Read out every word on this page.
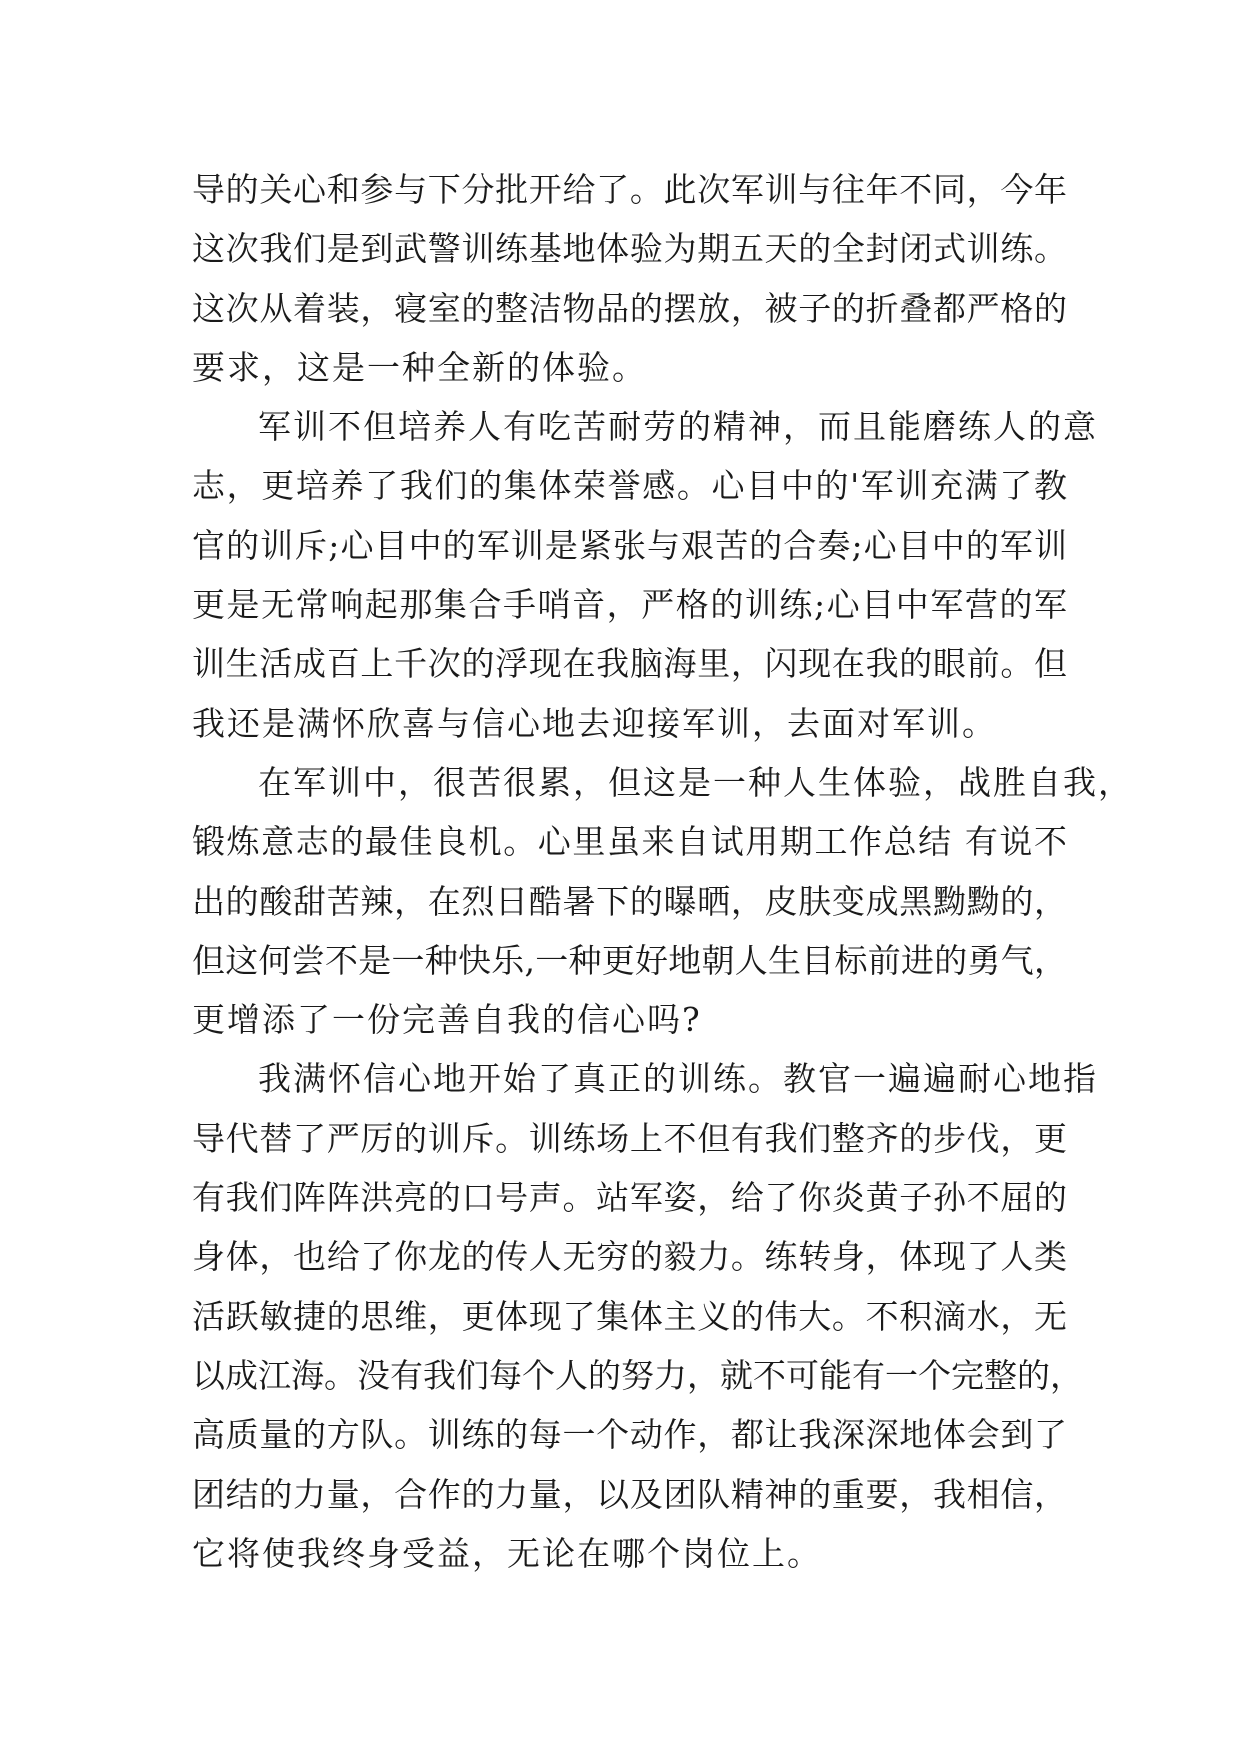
导的关心和参与下分批开给了。此次军训与往年不同，今年
这次我们是到武警训练基地体验为期五天的全封闭式训练。
这次从着装，寝室的整洁物品的摆放，被子的折叠都严格的
要求，这是一种全新的体验。
军训不但培养人有吃苦耐劳的精神，而且能磨练人的意
志，更培养了我们的集体荣誉感。心目中的'军训充满了教
官的训斥;心目中的军训是紧张与艰苦的合奏;心目中的军训
更是无常响起那集合手哨音，严格的训练;心目中军营的军
训生活成百上千次的浮现在我脑海里，闪现在我的眼前。但
我还是满怀欣喜与信心地去迎接军训，去面对军训。
在军训中，很苦很累，但这是一种人生体验，战胜自我，
锻炼意志的最佳良机。心里虽来自试用期工作总结 有说不
出的酸甜苦辣，在烈日酷暑下的曝晒，皮肤变成黑黝黝的，
但这何尝不是一种快乐,一种更好地朝人生目标前进的勇气，
更增添了一份完善自我的信心吗?
我满怀信心地开始了真正的训练。教官一遍遍耐心地指
导代替了严厉的训斥。训练场上不但有我们整齐的步伐，更
有我们阵阵洪亮的口号声。站军姿，给了你炎黄子孙不屈的
身体，也给了你龙的传人无穷的毅力。练转身，体现了人类
活跃敏捷的思维，更体现了集体主义的伟大。不积滴水，无
以成江海。没有我们每个人的努力，就不可能有一个完整的，
高质量的方队。训练的每一个动作，都让我深深地体会到了
团结的力量，合作的力量，以及团队精神的重要，我相信，
它将使我终身受益，无论在哪个岗位上。
